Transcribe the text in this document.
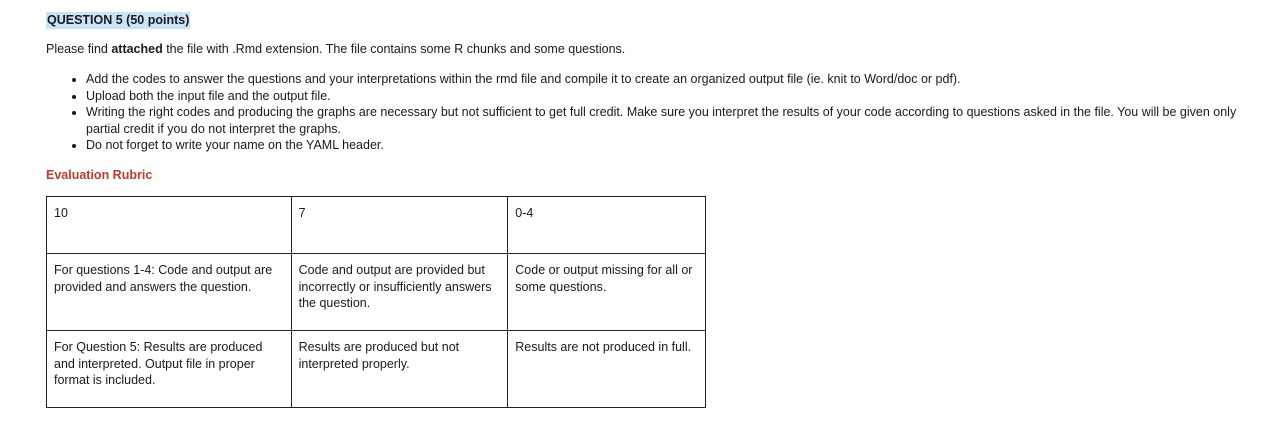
QUESTION 5 (50 points)
Please find attached the file with .Rmd extension. The file contains some R chunks and some questions.
• Add the codes to answer the questions and your interpretations within the rmd file and compile it to create an organized output file (ie. knit to Word/doc or pdf).
• Upload both the input file and the output file.
• Writing the right codes and producing the graphs are necessary but not sufficient to get full credit. Make sure you interpret the results of your code according to questions asked in the file. You will be given only partial credit if you do not interpret the graphs.
• Do not forget to write your name on the YAML header.
Evaluation Rubric
10	7	0-4
For questions 1-4: Code and output are provided and answers the question.	Code and output are provided but incorrectly or insufficiently answers the question.	Code or output missing for all or some questions.
For Question 5: Results are produced and interpreted. Output file in proper format is included.	Results are produced but not interpreted properly.	Results are not produced in full.
